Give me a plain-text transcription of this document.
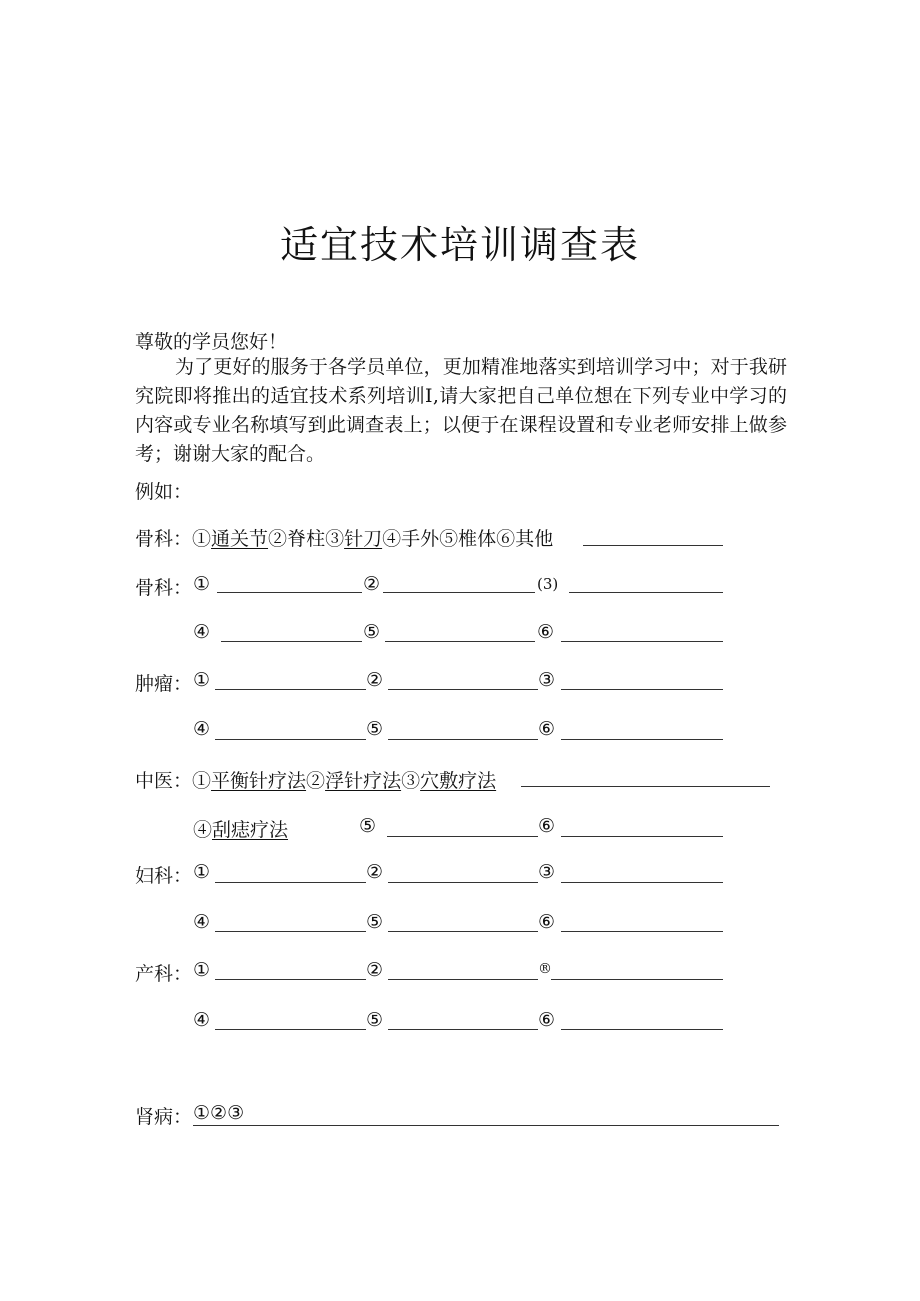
适宜技术培训调查表
尊敬的学员您好！
为了更好的服务于各学员单位，更加精准地落实到培训学习中；对于我研究院即将推出的适宜技术系列培训Ⅰ,请大家把自己单位想在下列专业中学习的内容或专业名称填写到此调查表上；以便于在课程设置和专业老师安排上做参考；谢谢大家的配合。
例如：
骨科：①通关节②脊柱③针刀④手外⑤椎体⑥其他
骨科： ①	②	(3)
④	⑤	⑥
肿瘤： ①	②	③
④	⑤	⑥
中医：①平衡针疗法②浮针疗法③穴敷疗法
④刮痣疗法	⑤	⑥
妇科： ①	②	③
④	⑤	⑥
产科： ①	②	®
④	⑤	⑥
肾病： ①②③
